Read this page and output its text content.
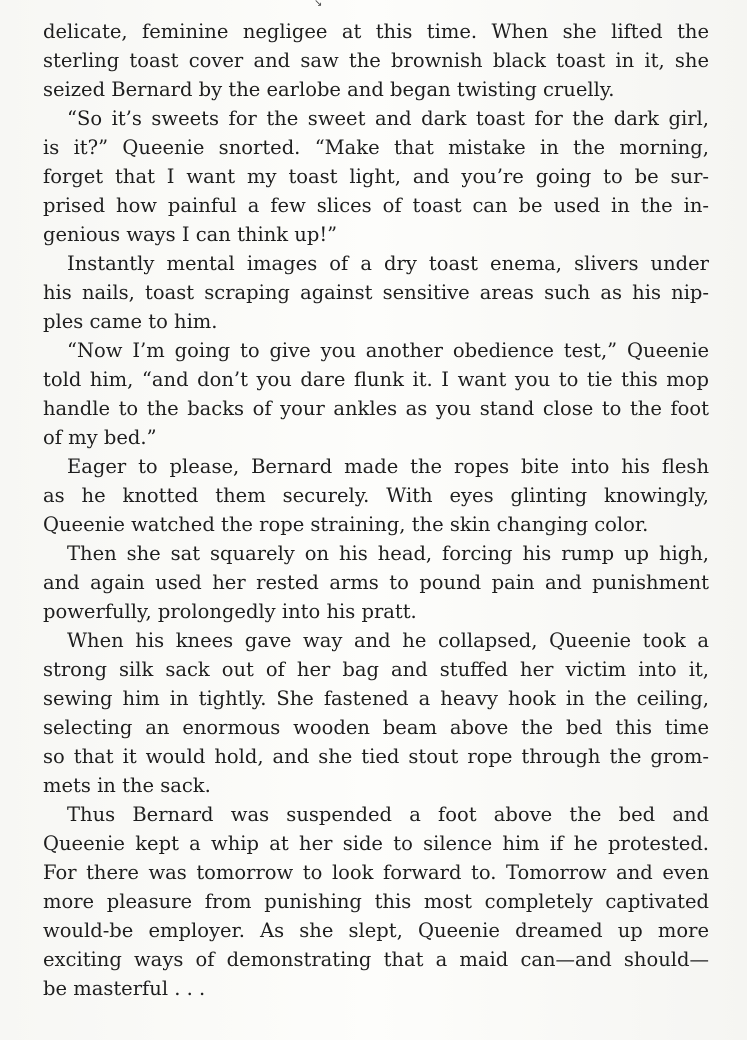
↘
delicate, feminine negligee at this time. When she lifted the
sterling toast cover and saw the brownish black toast in it, she
seized Bernard by the earlobe and began twisting cruelly.
“So it’s sweets for the sweet and dark toast for the dark girl,
is it?” Queenie snorted. “Make that mistake in the morning,
forget that I want my toast light, and you’re going to be sur-
prised how painful a few slices of toast can be used in the in-
genious ways I can think up!”
Instantly mental images of a dry toast enema, slivers under
his nails, toast scraping against sensitive areas such as his nip-
ples came to him.
“Now I’m going to give you another obedience test,” Queenie
told him, “and don’t you dare flunk it. I want you to tie this mop
handle to the backs of your ankles as you stand close to the foot
of my bed.”
Eager to please, Bernard made the ropes bite into his flesh
as he knotted them securely. With eyes glinting knowingly,
Queenie watched the rope straining, the skin changing color.
Then she sat squarely on his head, forcing his rump up high,
and again used her rested arms to pound pain and punishment
powerfully, prolongedly into his pratt.
When his knees gave way and he collapsed, Queenie took a
strong silk sack out of her bag and stuffed her victim into it,
sewing him in tightly. She fastened a heavy hook in the ceiling,
selecting an enormous wooden beam above the bed this time
so that it would hold, and she tied stout rope through the grom-
mets in the sack.
Thus Bernard was suspended a foot above the bed and
Queenie kept a whip at her side to silence him if he protested.
For there was tomorrow to look forward to. Tomorrow and even
more pleasure from punishing this most completely captivated
would-be employer. As she slept, Queenie dreamed up more
exciting ways of demonstrating that a maid can—and should—
be masterful . . .
